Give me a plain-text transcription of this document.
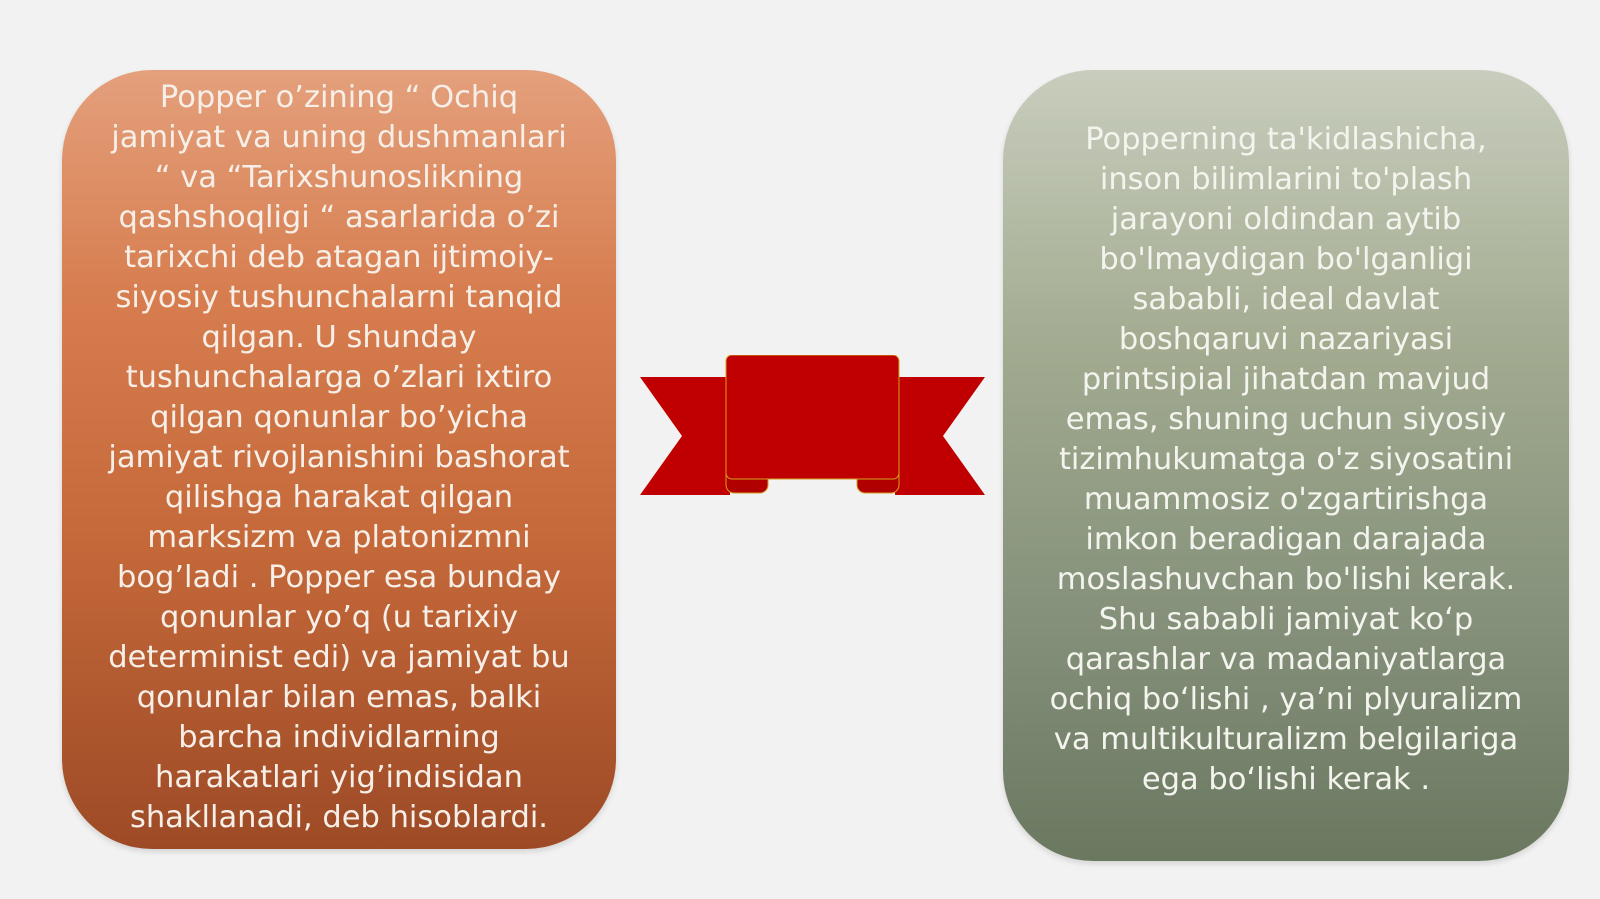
Popper o’zining “ Ochiq
jamiyat va uning dushmanlari
“ va “Tarixshunoslikning
qashshoqligi “ asarlarida o’zi
tarixchi deb atagan ijtimoiy-
siyosiy tushunchalarni tanqid
qilgan. U shunday
tushunchalarga o’zlari ixtiro
qilgan qonunlar bo’yicha
jamiyat rivojlanishini bashorat
qilishga harakat qilgan
marksizm va platonizmni
bog’ladi . Popper esa bunday
qonunlar yo’q (u tarixiy
determinist edi) va jamiyat bu
qonunlar bilan emas, balki
barcha individlarning
harakatlari yig’indisidan
shakllanadi, deb hisoblardi.

Popperning ta'kidlashicha,
inson bilimlarini to'plash
jarayoni oldindan aytib
bo'lmaydigan bo'lganligi
sababli, ideal davlat
boshqaruvi nazariyasi
printsipial jihatdan mavjud
emas, shuning uchun siyosiy
tizimhukumatga o'z siyosatini
muammosiz o'zgartirishga
imkon beradigan darajada
moslashuvchan bo'lishi kerak.
Shu sababli jamiyat ko‘p
qarashlar va madaniyatlarga
ochiq bo‘lishi , ya’ni plyuralizm
va multikulturalizm belgilariga
ega bo‘lishi kerak .
